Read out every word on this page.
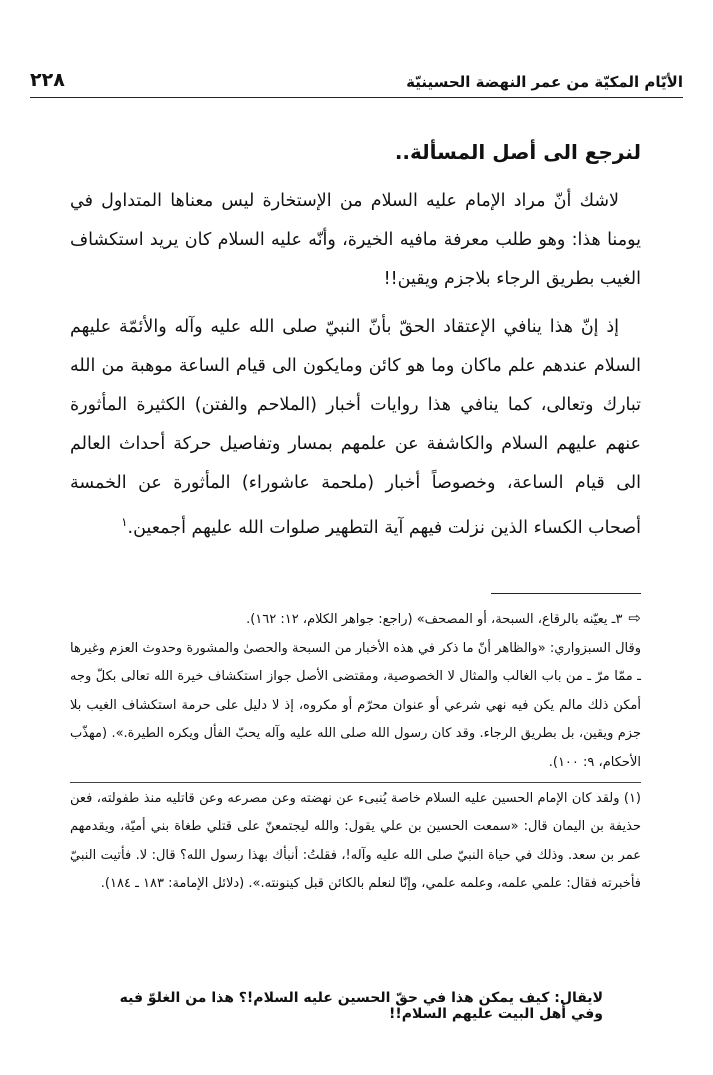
الأيّام المكيّة من عمر النهضة الحسينيّة
٢٢٨
لنرجع الى أصل المسألة..

لاشك أنّ مراد الإمام عليه السلام من الإستخارة ليس معناها المتداول في يومنا هذا: وهو طلب معرفة مافيه الخيرة، وأنّه عليه السلام كان يريد استكشاف الغيب بطريق الرجاء بلاجزم ويقين!!

إذ إنّ هذا ينافي الإعتقاد الحقّ بأنّ النبيّ صلى الله عليه وآله والأئمّة عليهم السلام عندهم علم ماكان وما هو كائن ومايكون الى قيام الساعة موهبة من الله تبارك وتعالى، كما ينافي هذا روايات أخبار (الملاحم والفتن) الكثيرة المأثورة عنهم عليهم السلام والكاشفة عن علمهم بمسار وتفاصيل حركة أحداث العالم الى قيام الساعة، وخصوصاً أخبار (ملحمة عاشوراء) المأثورة عن الخمسة أصحاب الكساء الذين نزلت فيهم آية التطهير صلوات الله عليهم أجمعين.$^١$

⇨٣ـ يعيّنه بالرقاع، السبحة، أو المصحف» (راجع: جواهر الكلام، ١٢: ١٦٢).

وقال السبزواري: «والظاهر أنّ ما ذكر في هذه الأخبار من السبحة والحصىٰ والمشورة وحدوث العزم وغيرها ـ ممّا مرّ ـ من باب الغالب والمثال لا الخصوصية، ومقتضى الأصل جواز استكشاف خيرة الله تعالى بكلّ وجه أمكن ذلك مالم يكن فيه نهي شرعي أو عنوان محرّم أو مكروه، إذ لا دليل على حرمة استكشاف الغيب بلا جزم ويقين، بل بطريق الرجاء. وقد كان رسول الله صلى الله عليه وآله يحبّ الفأل ويكره الطيرة.». (مهذّب الأحكام، ٩: ١٠٠).

(١) ولقد كان الإمام الحسين عليه السلام خاصة يُنبىء عن نهضته وعن مصرعه وعن قاتليه منذ طفولته، فعن حذيفة بن اليمان قال: «سمعت الحسين بن علي يقول: والله ليجتمعنّ على قتلي طغاة بني أميّة، ويقدمهم عمر بن سعد. وذلك في حياة النبيّ صلى الله عليه وآله!، فقلتُ: أنبأك بهذا رسول الله؟ قال: لا. فأتيت النبيّ فأخبرته فقال: علمي علمه، وعلمه علمي، وإنّا لنعلم بالكائن قبل كينونته.». (دلائل الإمامة: ١٨٣ ـ ١٨٤).

لايقال: كيف يمكن هذا في حقّ الحسين عليه السلام!؟ هذا من الغلوّ فيه وفي أهل البيت عليهم السلام!!
